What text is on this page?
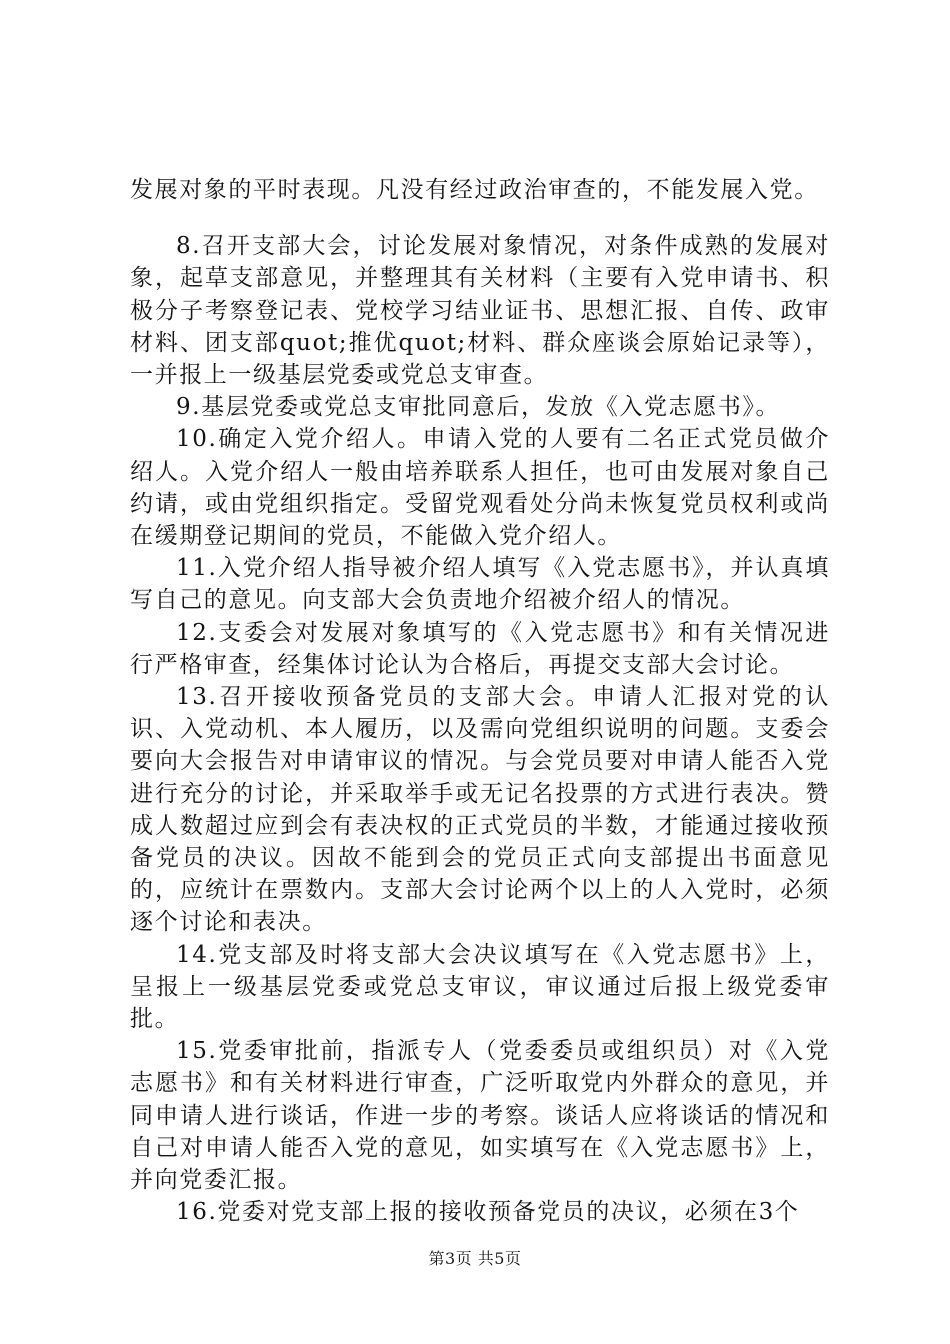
发展对象的平时表现。凡没有经过政治审查的，不能发展入党。

8.召开支部大会，讨论发展对象情况，对条件成熟的发展对象，起草支部意见，并整理其有关材料（主要有入党申请书、积极分子考察登记表、党校学习结业证书、思想汇报、自传、政审材料、团支部quot;推优quot;材料、群众座谈会原始记录等），一并报上一级基层党委或党总支审查。

9.基层党委或党总支审批同意后，发放《入党志愿书》。

10.确定入党介绍人。申请入党的人要有二名正式党员做介绍人。入党介绍人一般由培养联系人担任，也可由发展对象自己约请，或由党组织指定。受留党观看处分尚未恢复党员权利或尚在缓期登记期间的党员，不能做入党介绍人。

11.入党介绍人指导被介绍人填写《入党志愿书》，并认真填写自己的意见。向支部大会负责地介绍被介绍人的情况。

12.支委会对发展对象填写的《入党志愿书》和有关情况进行严格审查，经集体讨论认为合格后，再提交支部大会讨论。

13.召开接收预备党员的支部大会。申请人汇报对党的认识、入党动机、本人履历，以及需向党组织说明的问题。支委会要向大会报告对申请审议的情况。与会党员要对申请人能否入党进行充分的讨论，并采取举手或无记名投票的方式进行表决。赞成人数超过应到会有表决权的正式党员的半数，才能通过接收预备党员的决议。因故不能到会的党员正式向支部提出书面意见的，应统计在票数内。支部大会讨论两个以上的人入党时，必须逐个讨论和表决。

14.党支部及时将支部大会决议填写在《入党志愿书》上，呈报上一级基层党委或党总支审议，审议通过后报上级党委审批。

15.党委审批前，指派专人（党委委员或组织员）对《入党志愿书》和有关材料进行审查，广泛听取党内外群众的意见，并同申请人进行谈话，作进一步的考察。谈话人应将谈话的情况和自己对申请人能否入党的意见，如实填写在《入党志愿书》上，并向党委汇报。

16.党委对党支部上报的接收预备党员的决议，必须在3个

第3页 共5页
